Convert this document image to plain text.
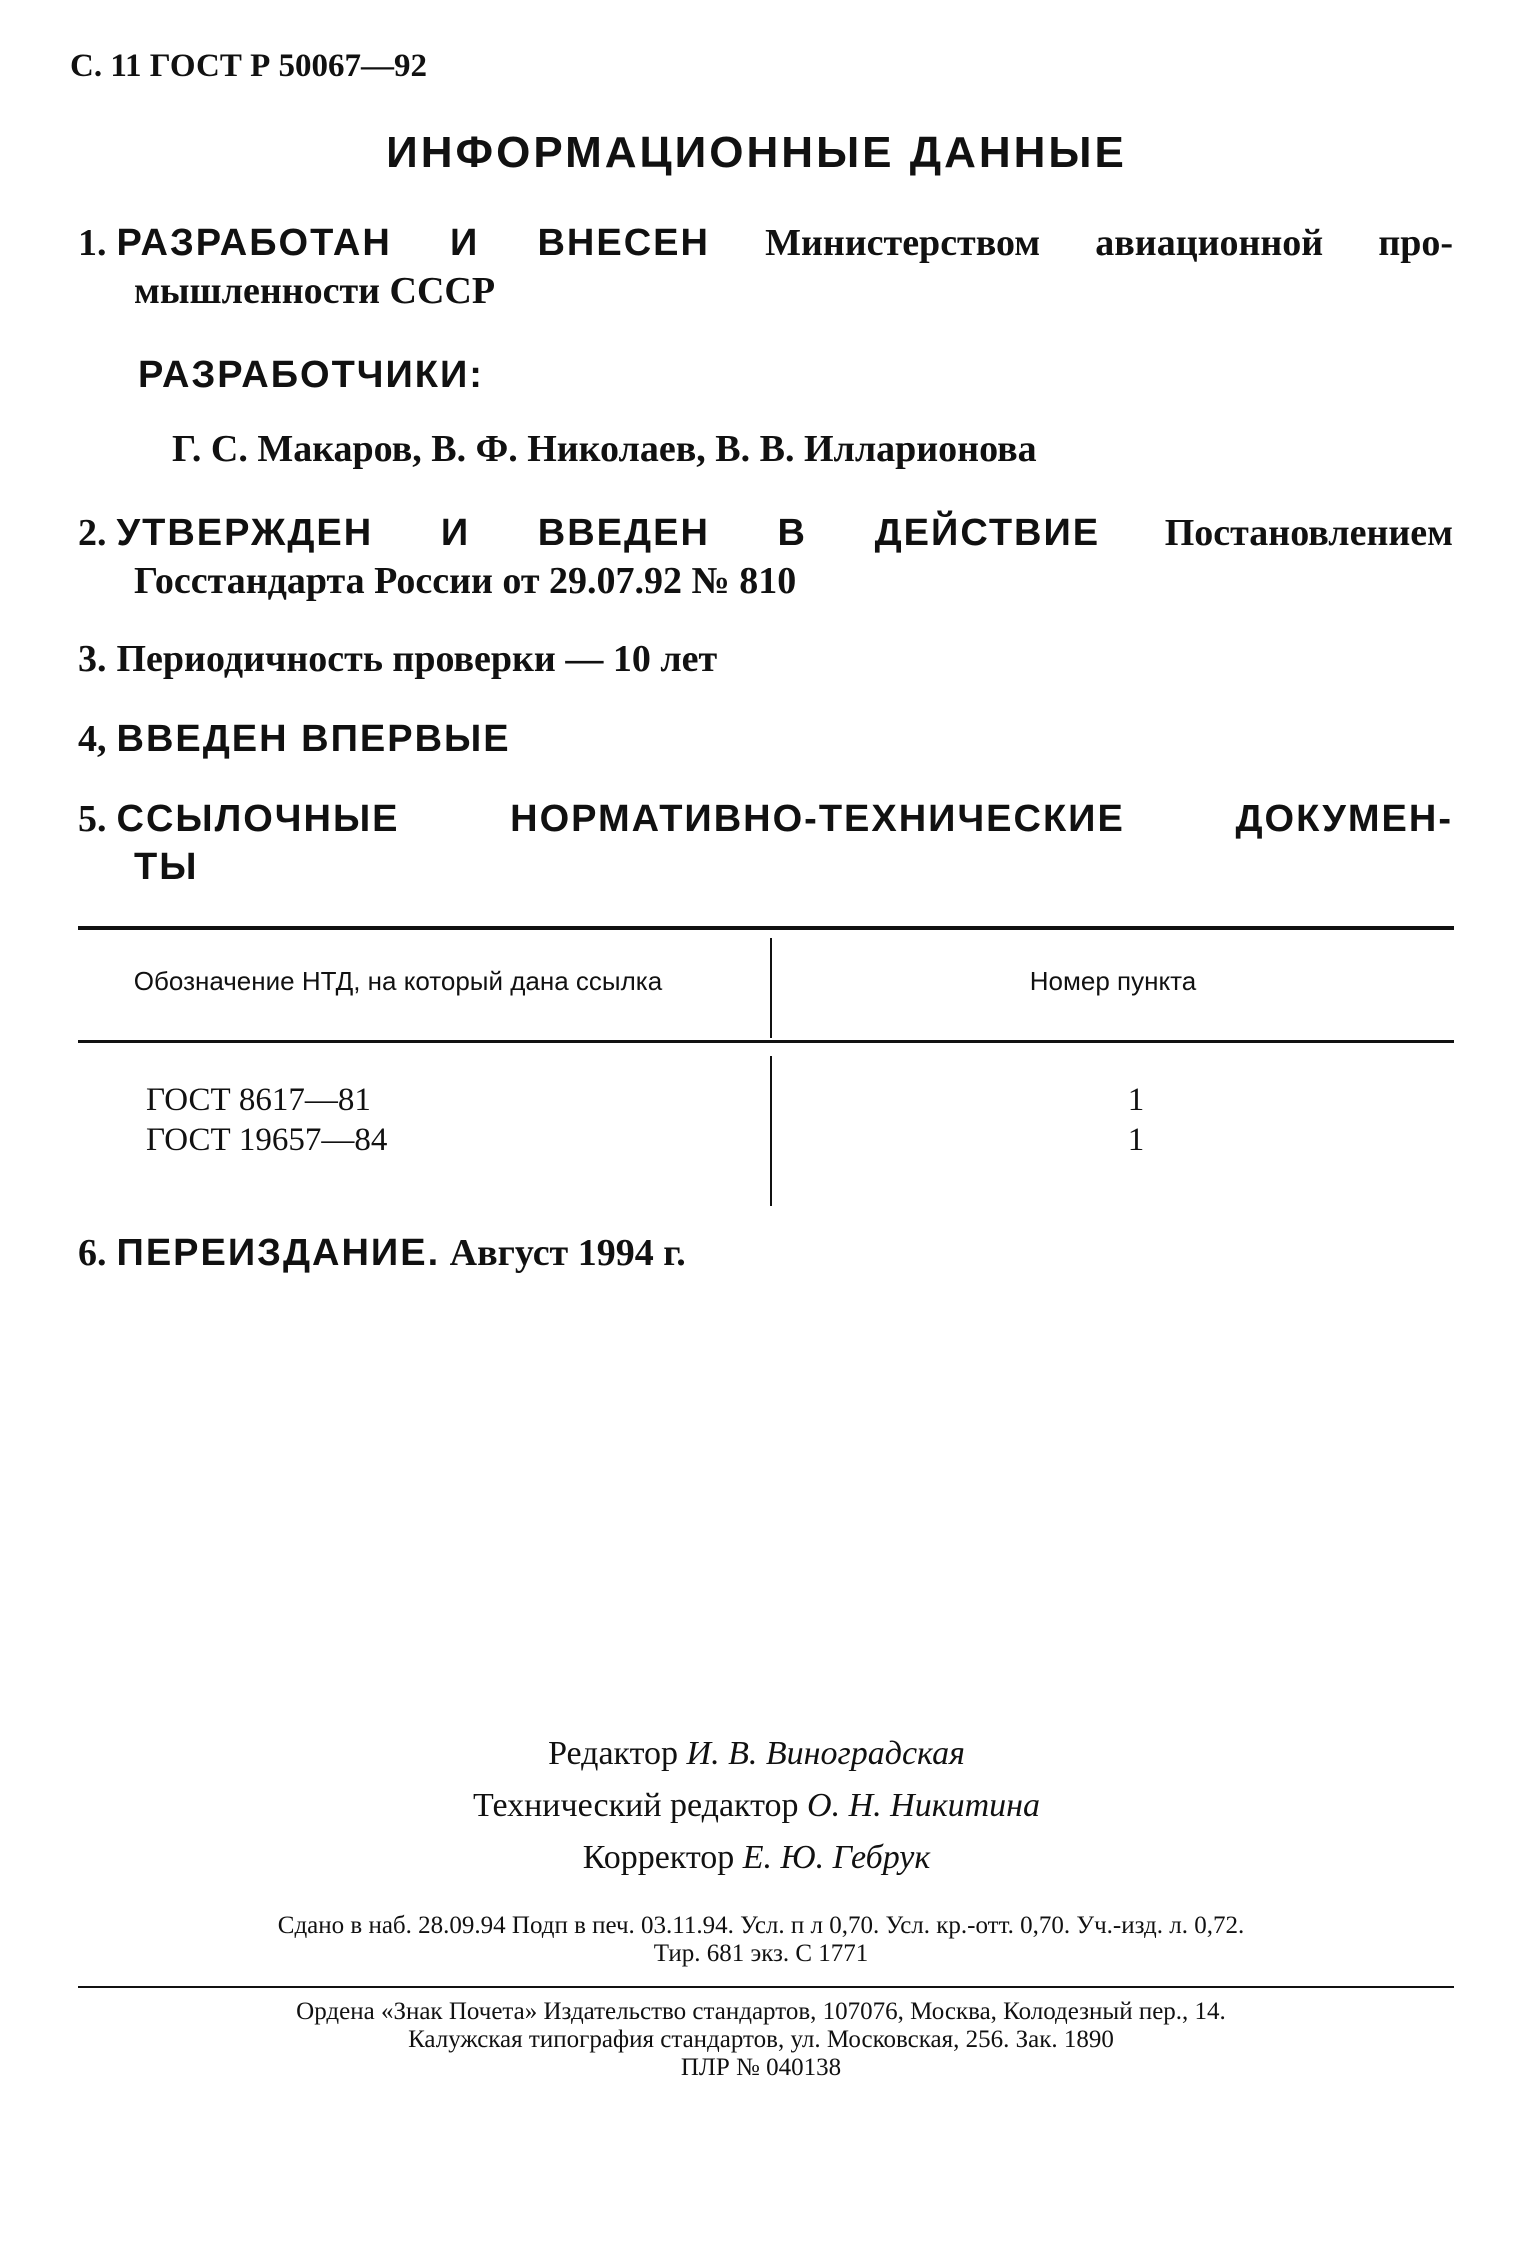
С. 11 ГОСТ Р 50067—92
ИНФОРМАЦИОННЫЕ ДАННЫЕ
1. РАЗРАБОТАН И ВНЕСЕН Министерством авиационной про-
мышленности СССР
РАЗРАБОТЧИКИ:
Г. С. Макаров, В. Ф. Николаев, В. В. Илларионова
2. УТВЕРЖДЕН И ВВЕДЕН В ДЕЙСТВИЕ Постановлением
Госстандарта России от 29.07.92 № 810
3. Периодичность проверки — 10 лет
4, ВВЕДЕН ВПЕРВЫЕ
5. ССЫЛОЧНЫЕ НОРМАТИВНО-ТЕХНИЧЕСКИЕ ДОКУМЕН-
ТЫ
Обозначение НТД, на который дана ссылка	Номер пункта
ГОСТ 8617—81	1
ГОСТ 19657—84	1
6. ПЕРЕИЗДАНИЕ. Август 1994 г.
Редактор И. В. Виноградская
Технический редактор О. Н. Никитина
Корректор Е. Ю. Гебрук
Сдано в наб. 28.09.94 Подп в печ. 03.11.94. Усл. п л 0,70. Усл. кр.-отт. 0,70. Уч.-изд. л. 0,72.
Тир. 681 экз. С 1771
Ордена «Знак Почета» Издательство стандартов, 107076, Москва, Колодезный пер., 14.
Калужская типография стандартов, ул. Московская, 256. Зак. 1890
ПЛР № 040138
